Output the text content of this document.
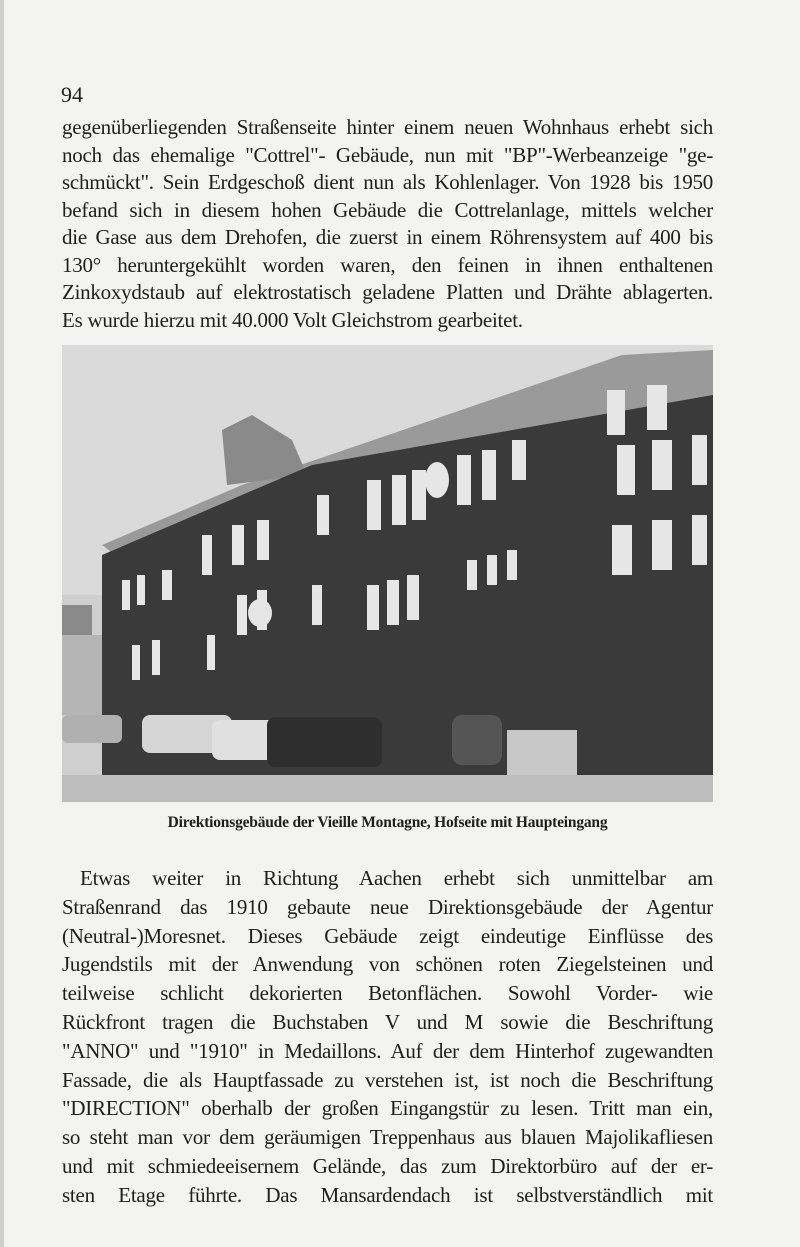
94
gegenüberliegenden Straßenseite hinter einem neuen Wohnhaus erhebt sich
noch das ehemalige "Cottrel"- Gebäude, nun mit "BP"-Werbeanzeige "ge-
schmückt". Sein Erdgeschoß dient nun als Kohlenlager. Von 1928 bis 1950
befand sich in diesem hohen Gebäude die Cottrelanlage, mittels welcher
die Gase aus dem Drehofen, die zuerst in einem Röhrensystem auf 400 bis
130° heruntergekühlt worden waren, den feinen in ihnen enthaltenen
Zinkoxydstaub auf elektrostatisch geladene Platten und Drähte ablagerten.
Es wurde hierzu mit 40.000 Volt Gleichstrom gearbeitet.
Direktionsgebäude der Vieille Montagne, Hofseite mit Haupteingang
Etwas weiter in Richtung Aachen erhebt sich unmittelbar am
Straßenrand das 1910 gebaute neue Direktionsgebäude der Agentur
(Neutral-)Moresnet. Dieses Gebäude zeigt eindeutige Einflüsse des
Jugendstils mit der Anwendung von schönen roten Ziegelsteinen und
teilweise schlicht dekorierten Betonflächen. Sowohl Vorder- wie
Rückfront tragen die Buchstaben V und M sowie die Beschriftung
"ANNO" und "1910" in Medaillons. Auf der dem Hinterhof zugewandten
Fassade, die als Hauptfassade zu verstehen ist, ist noch die Beschriftung
"DIRECTION" oberhalb der großen Eingangstür zu lesen. Tritt man ein,
so steht man vor dem geräumigen Treppenhaus aus blauen Majolikafliesen
und mit schmiedeeisernem Gelände, das zum Direktorbüro auf der er-
sten Etage führte. Das Mansardendach ist selbstverständlich mit
